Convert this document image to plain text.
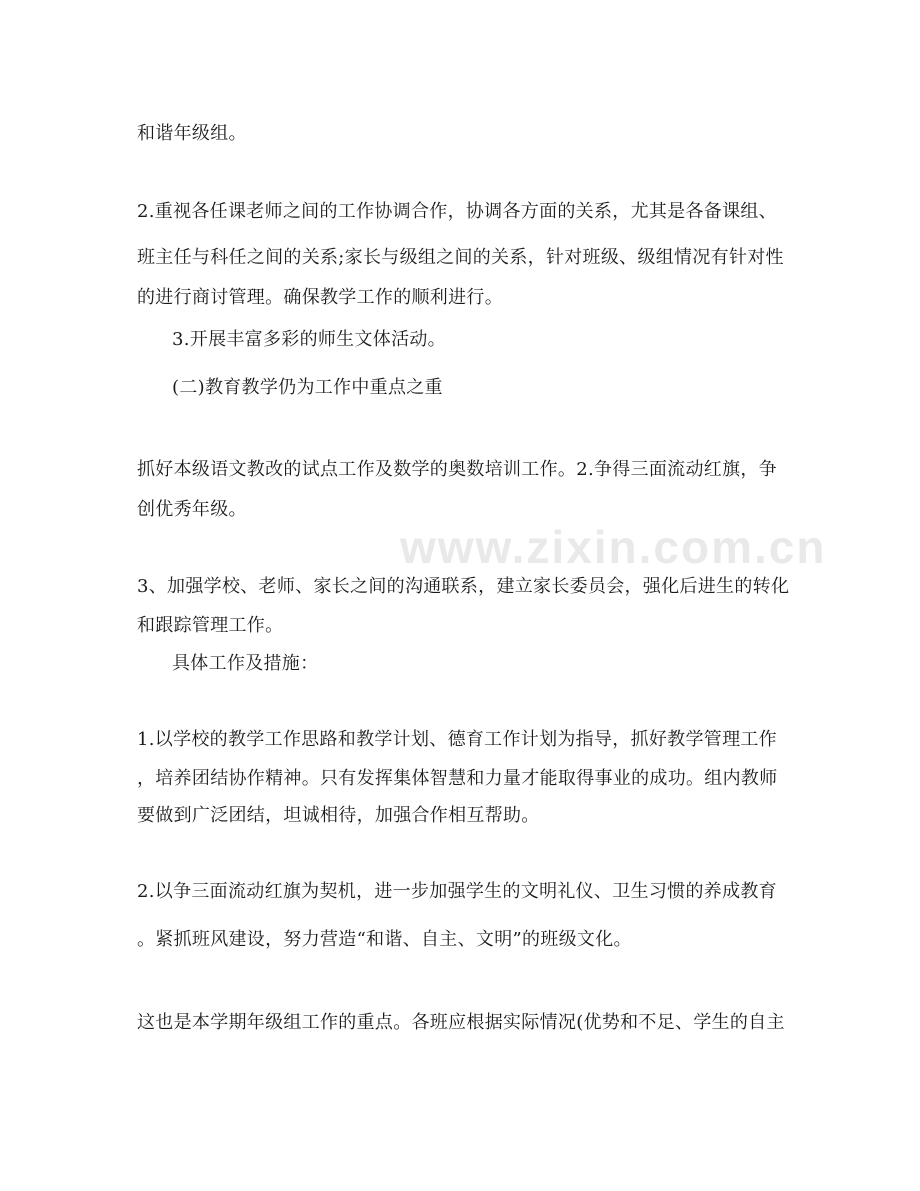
www.zixin.com.cn
和谐年级组。
2.重视各任课老师之间的工作协调合作，协调各方面的关系，尤其是各备课组、
班主任与科任之间的关系;家长与级组之间的关系，针对班级、级组情况有针对性
的进行商讨管理。确保教学工作的顺利进行。
3.开展丰富多彩的师生文体活动。
(二)教育教学仍为工作中重点之重
抓好本级语文教改的试点工作及数学的奥数培训工作。2.争得三面流动红旗，争
创优秀年级。
3、加强学校、老师、家长之间的沟通联系，建立家长委员会，强化后进生的转化
和跟踪管理工作。
具体工作及措施：
1.以学校的教学工作思路和教学计划、德育工作计划为指导，抓好教学管理工作
，培养团结协作精神。只有发挥集体智慧和力量才能取得事业的成功。组内教师
要做到广泛团结，坦诚相待，加强合作相互帮助。
2.以争三面流动红旗为契机，进一步加强学生的文明礼仪、卫生习惯的养成教育
。紧抓班风建设，努力营造“和谐、自主、文明”的班级文化。
这也是本学期年级组工作的重点。各班应根据实际情况(优势和不足、学生的自主
